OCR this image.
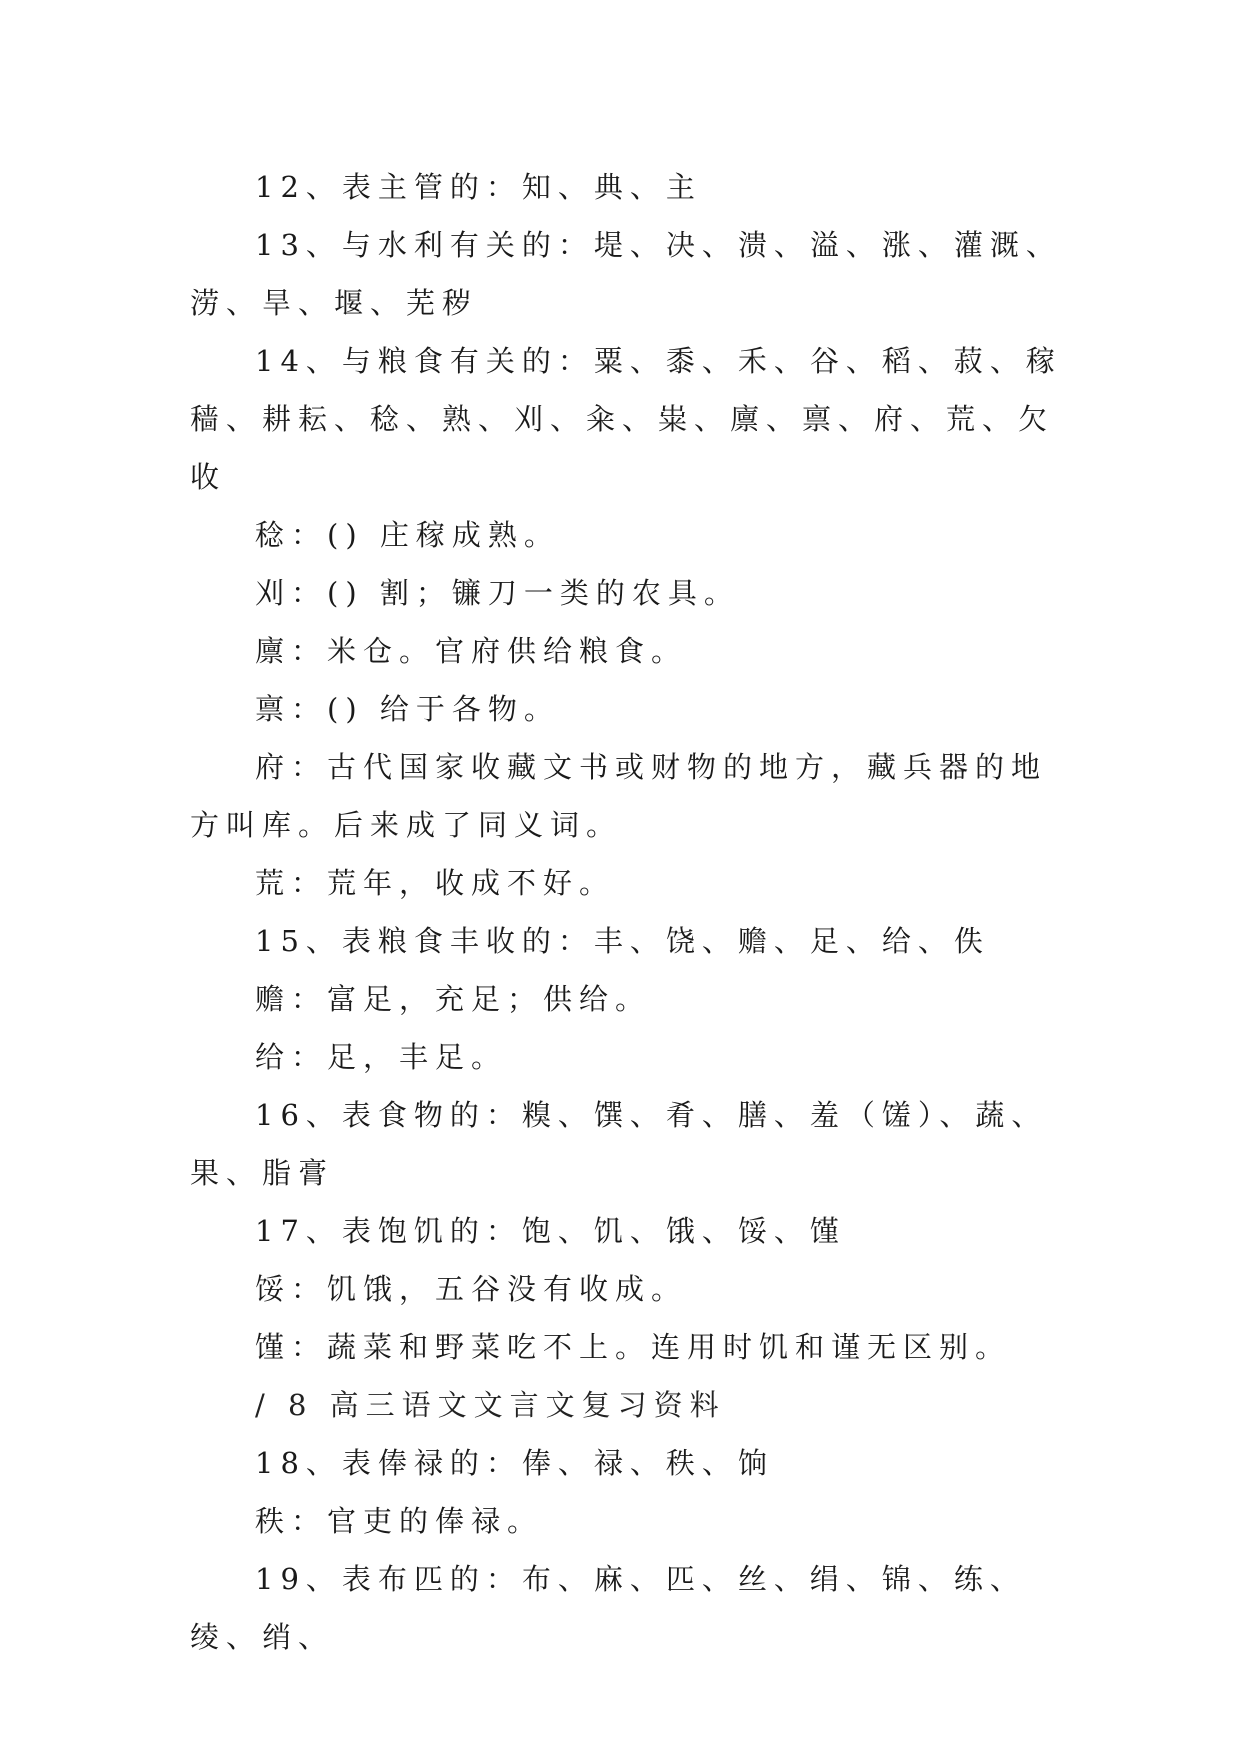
12、表主管的：知、典、主

13、与水利有关的：堤、决、溃、溢、涨、灌溉、涝、旱、堰、芜秽

14、与粮食有关的：粟、黍、禾、谷、稻、菽、稼穑、耕耘、稔、熟、刈、籴、粜、廪、禀、府、荒、欠收

稔：() 庄稼成熟。

刈：() 割；镰刀一类的农具。

廪：米仓。官府供给粮食。

禀：() 给于各物。

府：古代国家收藏文书或财物的地方，藏兵器的地方叫库。后来成了同义词。

荒：荒年，收成不好。

15、表粮食丰收的：丰、饶、赡、足、给、佚

赡：富足，充足；供给。

给：足，丰足。

16、表食物的：糗、馔、肴、膳、羞（馐）、蔬、果、脂膏

17、表饱饥的：饱、饥、饿、馁、馑

馁：饥饿，五谷没有收成。

馑：蔬菜和野菜吃不上。连用时饥和谨无区别。

/ 8 高三语文文言文复习资料

18、表俸禄的：俸、禄、秩、饷

秩：官吏的俸禄。

19、表布匹的：布、麻、匹、丝、绢、锦、练、绫、绡、
